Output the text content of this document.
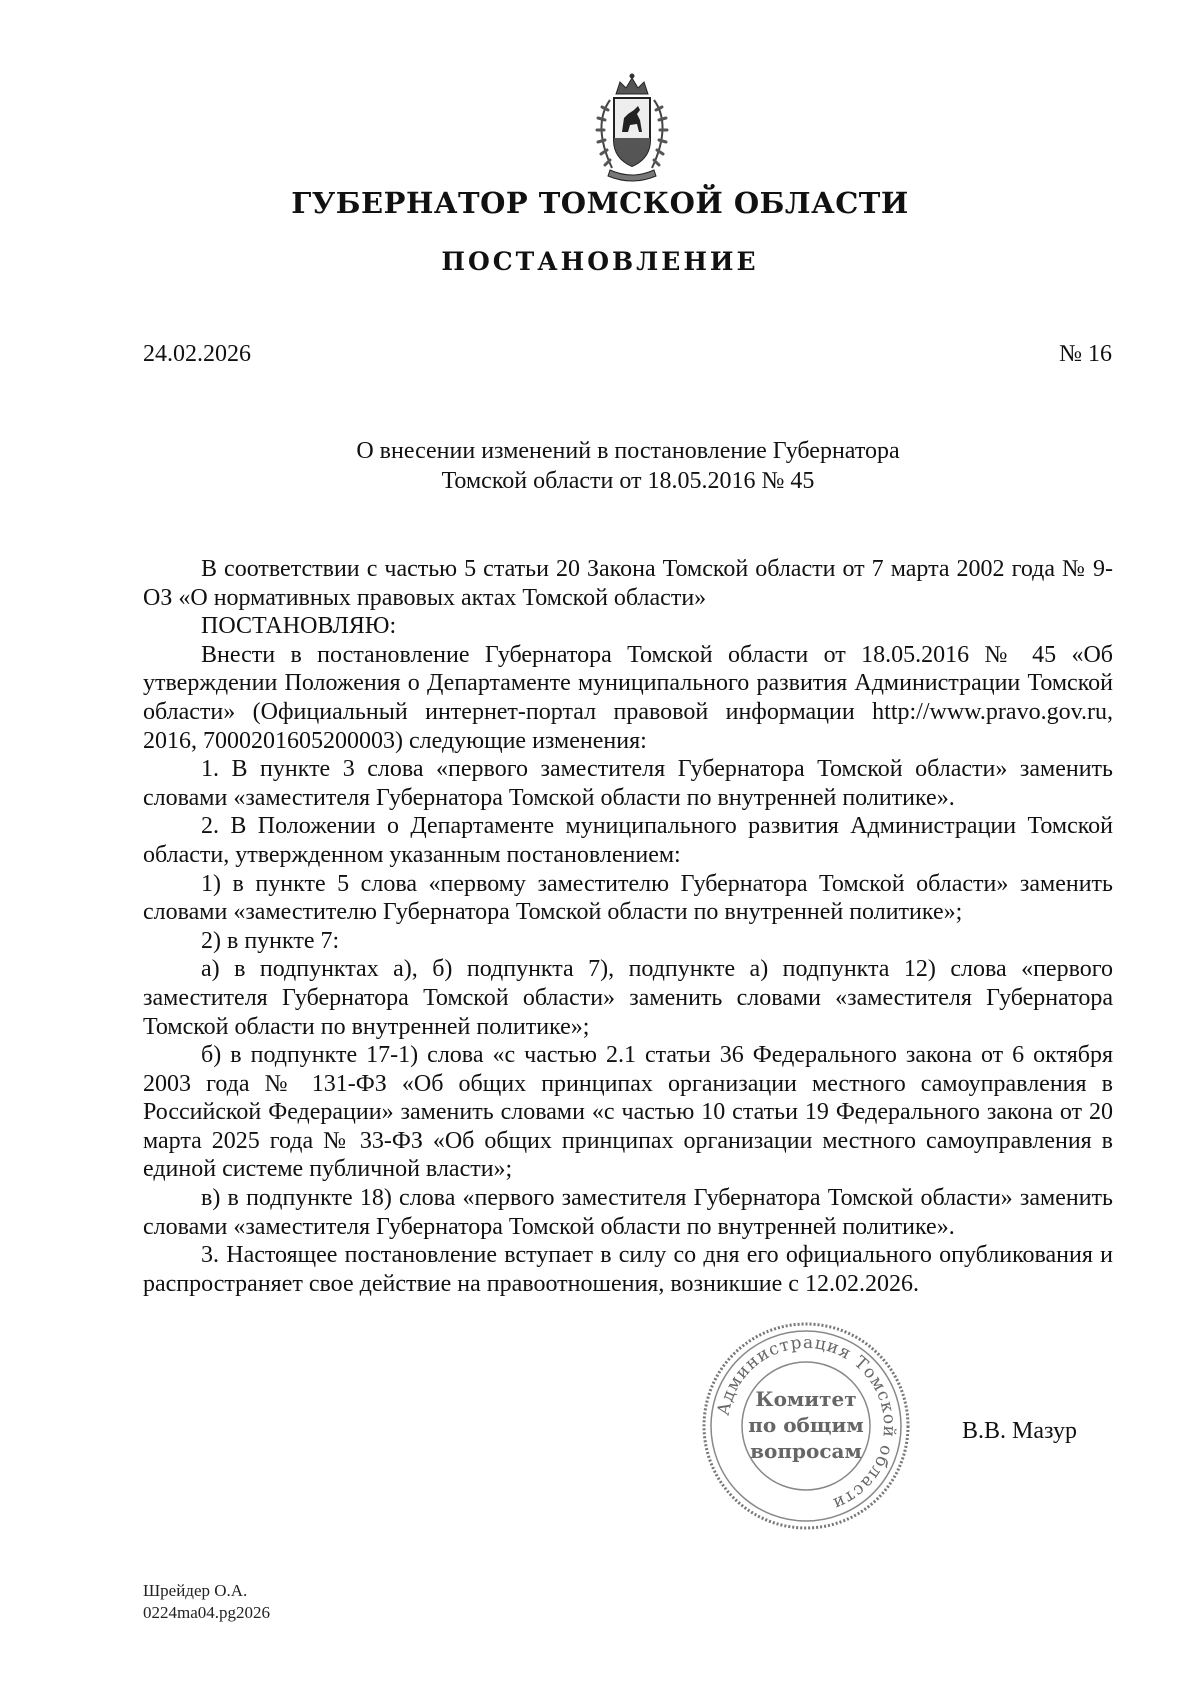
ГУБЕРНАТОР ТОМСКОЙ ОБЛАСТИ
ПОСТАНОВЛЕНИЕ
24.02.2026	№ 16
О внесении изменений в постановление Губернатора
Томской области от 18.05.2016 № 45

В соответствии с частью 5 статьи 20 Закона Томской области от 7 марта 2002 года № 9-ОЗ «О нормативных правовых актах Томской области»

ПОСТАНОВЛЯЮ:

Внести в постановление Губернатора Томской области от 18.05.2016 № 45 «Об утверждении Положения о Департаменте муниципального развития Администрации Томской области» (Официальный интернет-портал правовой информации http://www.pravo.gov.ru, 2016, 7000201605200003) следующие изменения:

1. В пункте 3 слова «первого заместителя Губернатора Томской области» заменить словами «заместителя Губернатора Томской области по внутренней политике».

2. В Положении о Департаменте муниципального развития Администрации Томской области, утвержденном указанным постановлением:

1) в пункте 5 слова «первому заместителю Губернатора Томской области» заменить словами «заместителю Губернатора Томской области по внутренней политике»;

2) в пункте 7:

а) в подпунктах а), б) подпункта 7), подпункте а) подпункта 12) слова «первого заместителя Губернатора Томской области» заменить словами «заместителя Губернатора Томской области по внутренней политике»;

б) в подпункте 17-1) слова «с частью 2.1 статьи 36 Федерального закона от 6 октября 2003 года № 131-ФЗ «Об общих принципах организации местного самоуправления в Российской Федерации» заменить словами «с частью 10 статьи 19 Федерального закона от 20 марта 2025 года № 33-ФЗ «Об общих принципах организации местного самоуправления в единой системе публичной власти»;

в) в подпункте 18) слова «первого заместителя Губернатора Томской области» заменить словами «заместителя Губернатора Томской области по внутренней политике».

3. Настоящее постановление вступает в силу со дня его официального опубликования и распространяет свое действие на правоотношения, возникшие с 12.02.2026.

Администрация Томской области
Комитет
по общим
вопросам
В.В. Мазур
Шрейдер О.А.
0224ma04.pg2026
